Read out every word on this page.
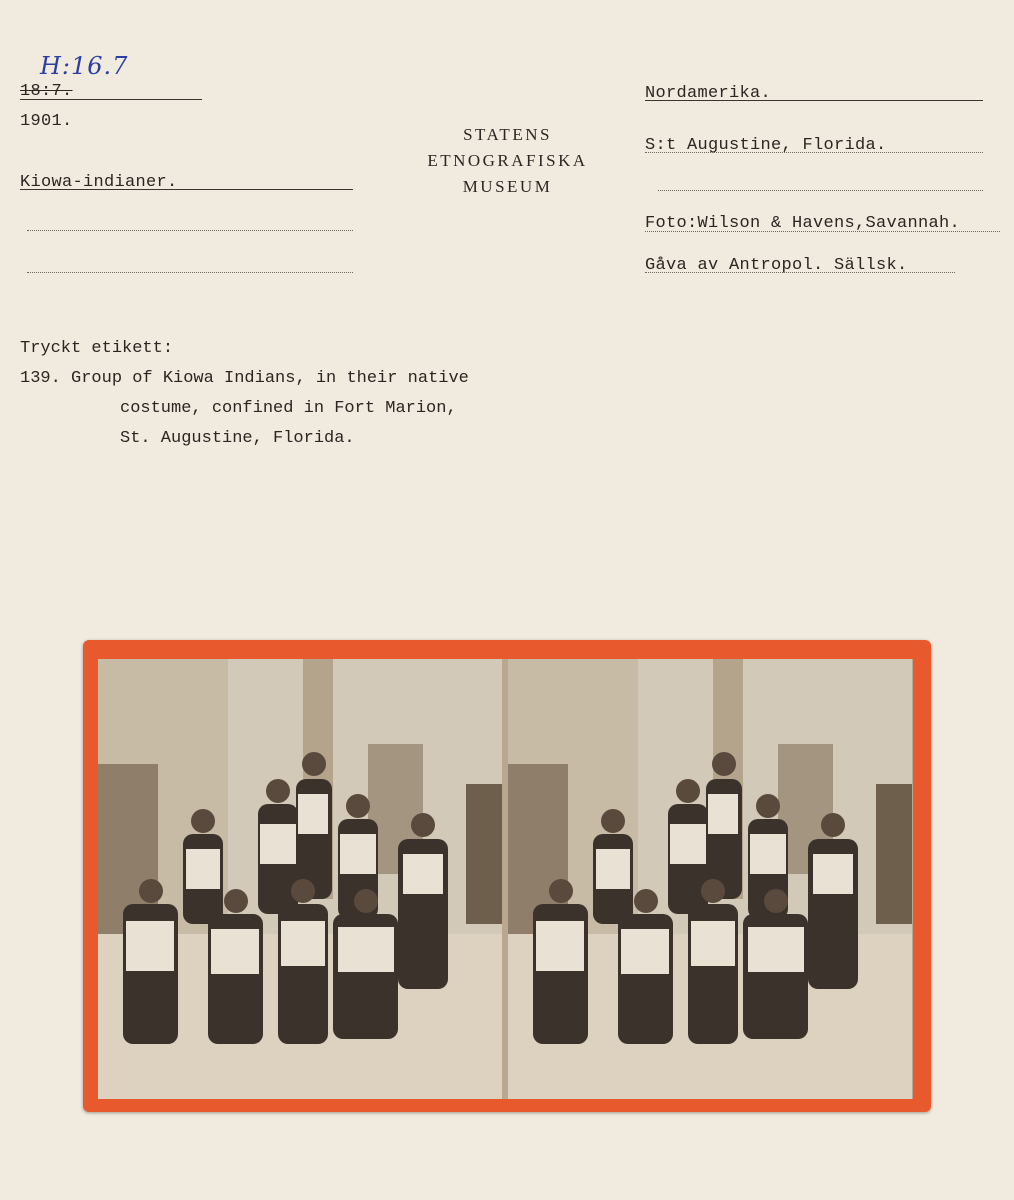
H:16.7
18:7.
1901.
Kiowa-indianer.
STATENS
ETNOGRAFISKA
MUSEUM
Nordamerika.
S:t Augustine, Florida.
Foto:Wilson & Havens,Savannah.
Gåva av Antropol. Sällsk.
Tryckt etikett:
139. Group of Kiowa Indians, in their native
costume, confined in Fort Marion,
St. Augustine, Florida.
